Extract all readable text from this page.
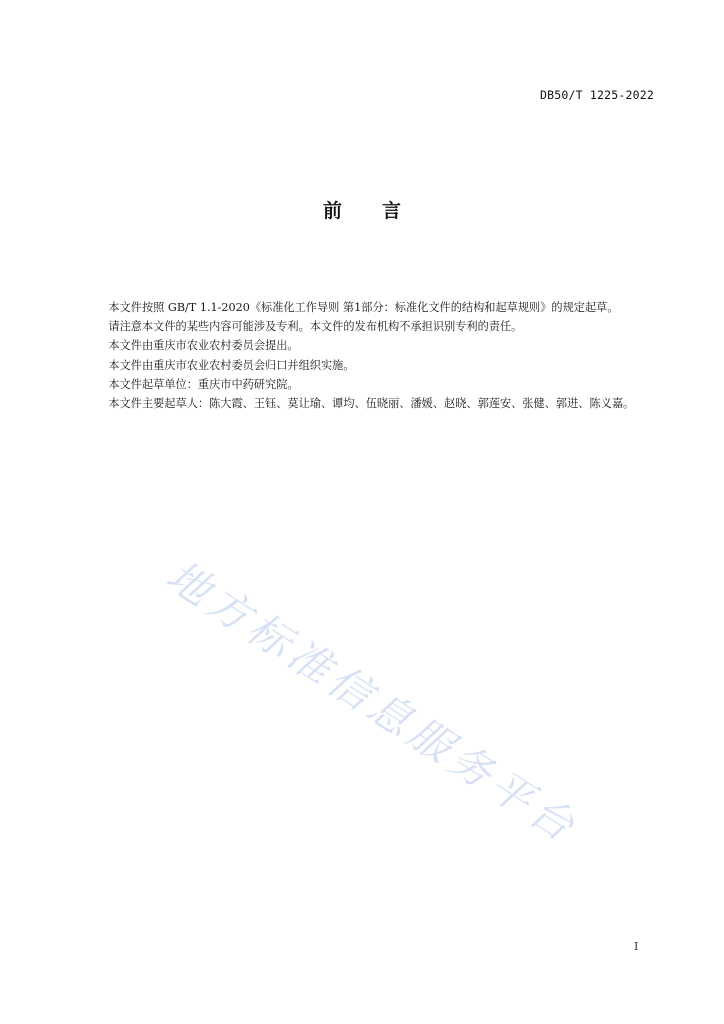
DB50/T 1225-2022
前 言

本文件按照 GB/T 1.1-2020《标准化工作导则 第1部分：标准化文件的结构和起草规则》的规定起草。

请注意本文件的某些内容可能涉及专利。本文件的发布机构不承担识别专利的责任。

本文件由重庆市农业农村委员会提出。

本文件由重庆市农业农村委员会归口并组织实施。

本文件起草单位：重庆市中药研究院。

本文件主要起草人：陈大霞、王钰、莫让瑜、谭均、伍晓丽、潘媛、赵晓、郭莲安、张健、郭进、陈义嘉。

地方标准信息服务平台
I
